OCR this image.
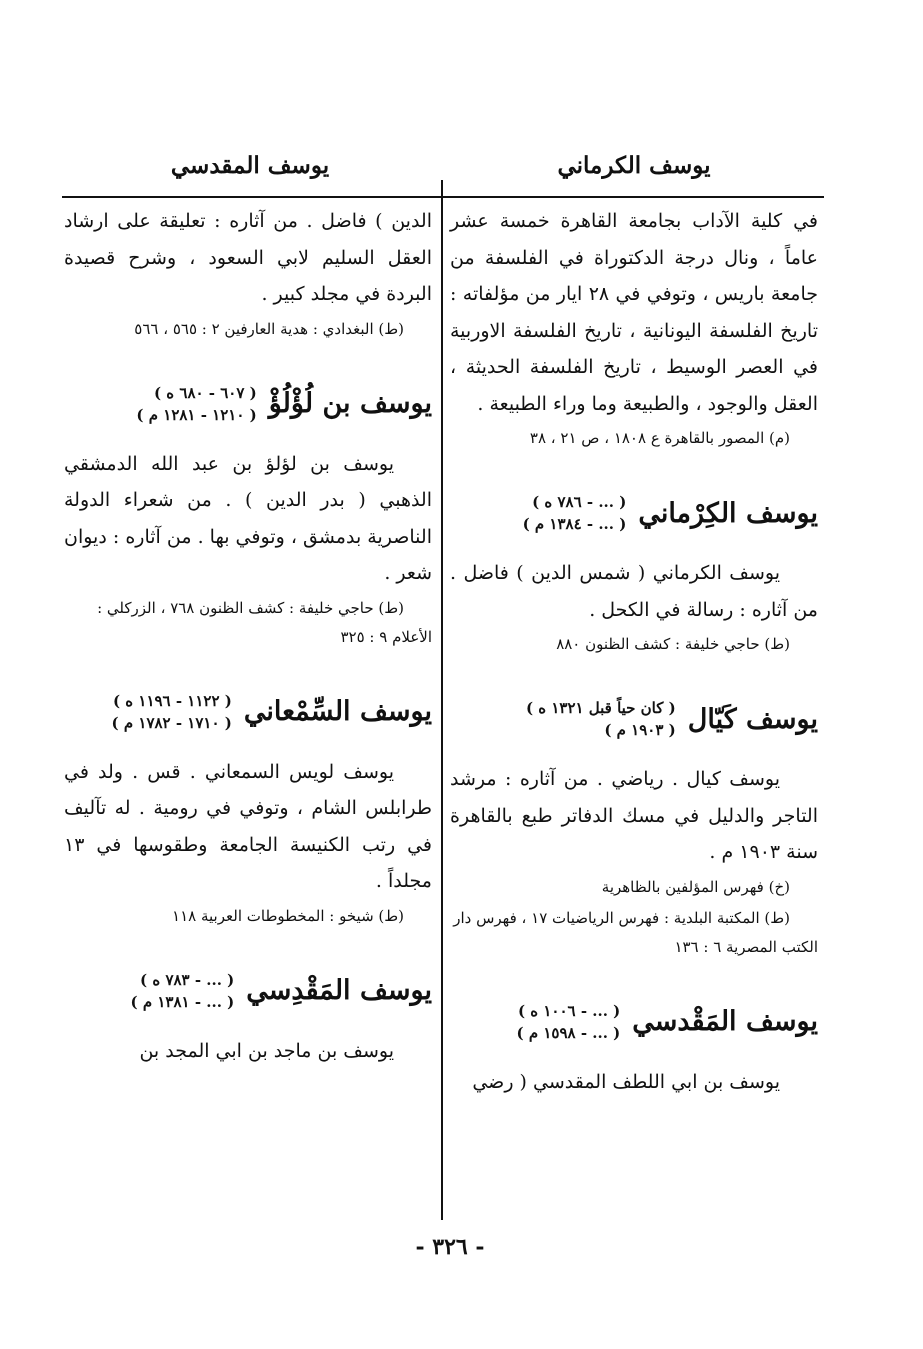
يوسف الكرماني
يوسف المقدسي

في كلية الآداب بجامعة القاهرة خمسة عشر عاماً ، ونال درجة الدكتوراة في الفلسفة من جامعة باريس ، وتوفي في ٢٨ ايار من مؤلفاته : تاريخ الفلسفة اليونانية ، تاريخ الفلسفة الاوربية في العصر الوسيط ، تاريخ الفلسفة الحديثة ، العقل والوجود ، والطبيعة وما وراء الطبيعة .

(م) المصور بالقاهرة ع ١٨٠٨ ، ص ٢١ ، ٣٨

يوسف الكِرْماني
( ... - ٧٨٦ ه )
( ... - ١٣٨٤ م )

يوسف الكرماني ( شمس الدين ) فاضل . من آثاره : رسالة في الكحل .

(ط) حاجي خليفة : كشف الظنون ٨٨٠

يوسف كَيّال
( كان حياً قبل ١٣٢١ ه )
( ١٩٠٣ م )

يوسف كيال . رياضي . من آثاره : مرشد التاجر والدليل في مسك الدفاتر طبع بالقاهرة سنة ١٩٠٣ م .

(خ) فهرس المؤلفين بالظاهرية

(ط) المكتبة البلدية : فهرس الرياضيات ١٧ ، فهرس دار الكتب المصرية ٦ : ١٣٦

يوسف المَقْدسي
( ... - ١٠٠٦ ه )
( ... - ١٥٩٨ م )

يوسف بن ابي اللطف المقدسي ( رضي

الدين ) فاضل . من آثاره : تعليقة على ارشاد العقل السليم لابي السعود ، وشرح قصيدة البردة في مجلد كبير .

(ط) البغدادي : هدية العارفين ٢ : ٥٦٥ ، ٥٦٦

يوسف بن لُؤْلُؤْ
( ٦٠٧ - ٦٨٠ ه )
( ١٢١٠ - ١٢٨١ م )

يوسف بن لؤلؤ بن عبد الله الدمشقي الذهبي ( بدر الدين ) . من شعراء الدولة الناصرية بدمشق ، وتوفي بها . من آثاره : ديوان شعر .

(ط) حاجي خليفة : كشف الظنون ٧٦٨ ، الزركلي : الأعلام ٩ : ٣٢٥

يوسف السِّمْعاني
( ١١٢٢ - ١١٩٦ ه )
( ١٧١٠ - ١٧٨٢ م )

يوسف لويس السمعاني . قس . ولد في طرابلس الشام ، وتوفي في رومية . له تآليف في رتب الكنيسة الجامعة وطقوسها في ١٣ مجلداً .

(ط) شيخو : المخطوطات العربية ١١٨

يوسف المَقْدِسي
( ... - ٧٨٣ ه )
( ... - ١٣٨١ م )

يوسف بن ماجد بن ابي المجد بن

- ٣٢٦ -
